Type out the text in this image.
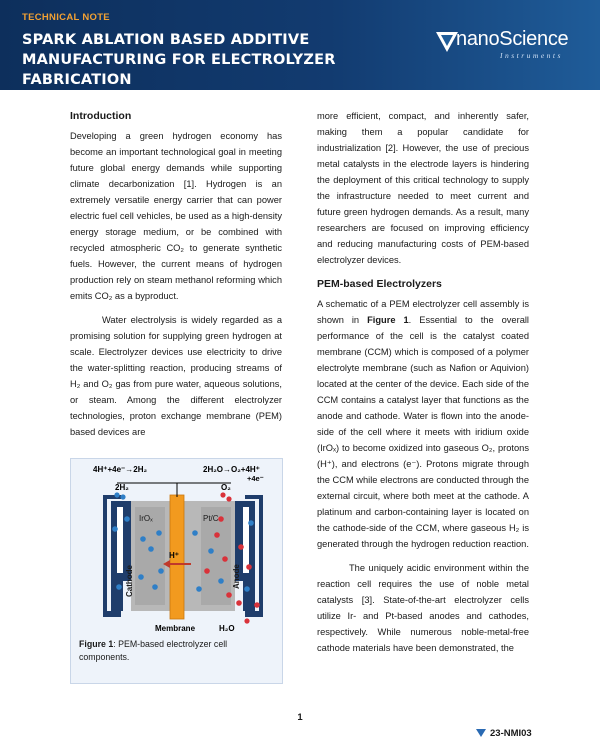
TECHNICAL NOTE
SPARK ABLATION BASED ADDITIVE MANUFACTURING FOR ELECTROLYZER FABRICATION
nanoScience
Instruments
Introduction

Developing a green hydrogen economy has become an important technological goal in meeting future global energy demands while supporting climate decarbonization [1]. Hydrogen is an extremely versatile energy carrier that can power electric fuel cell vehicles, be used as a high-density energy storage medium, or be combined with recycled atmospheric CO₂ to generate synthetic fuels. However, the current means of hydrogen production rely on steam methanol reforming which emits CO₂ as a byproduct.

Water electrolysis is widely regarded as a promising solution for supplying green hydrogen at scale. Electrolyzer devices use electricity to drive the water-splitting reaction, producing streams of H₂ and O₂ gas from pure water, aqueous solutions, or steam. Among the different electrolyzer technologies, proton exchange membrane (PEM) based devices are

4H⁺+4e⁻→2H₂	2H₂O→O₂+4H⁺
+4e⁻
2H₂	O₂
H⁺
IrOₓ	Pt/C
Cathode	Anode
Membrane	H₂O
Figure 1: PEM-based electrolyzer cell components.

more efficient, compact, and inherently safer, making them a popular candidate for industrialization [2]. However, the use of precious metal catalysts in the electrode layers is hindering the deployment of this critical technology to supply the infrastructure needed to meet current and future green hydrogen demands. As a result, many researchers are focused on improving efficiency and reducing manufacturing costs of PEM-based electrolyzer devices.

PEM-based Electrolyzers

A schematic of a PEM electrolyzer cell assembly is shown in Figure 1. Essential to the overall performance of the cell is the catalyst coated membrane (CCM) which is composed of a polymer electrolyte membrane (such as Nafion or Aquivion) located at the center of the device. Each side of the CCM contains a catalyst layer that functions as the anode and cathode. Water is flown into the anode-side of the cell where it meets with iridium oxide (IrOₓ) to become oxidized into gaseous O₂, protons (H⁺), and electrons (e⁻). Protons migrate through the CCM while electrons are conducted through the external circuit, where both meet at the cathode. A platinum and carbon-containing layer is located on the cathode-side of the CCM, where gaseous H₂ is generated through the hydrogen reduction reaction.

The uniquely acidic environment within the reaction cell requires the use of noble metal catalysts [3]. State-of-the-art electrolyzer cells utilize Ir- and Pt-based anodes and cathodes, respectively. While numerous noble-metal-free cathode materials have been demonstrated, the

1
23-NMI03
